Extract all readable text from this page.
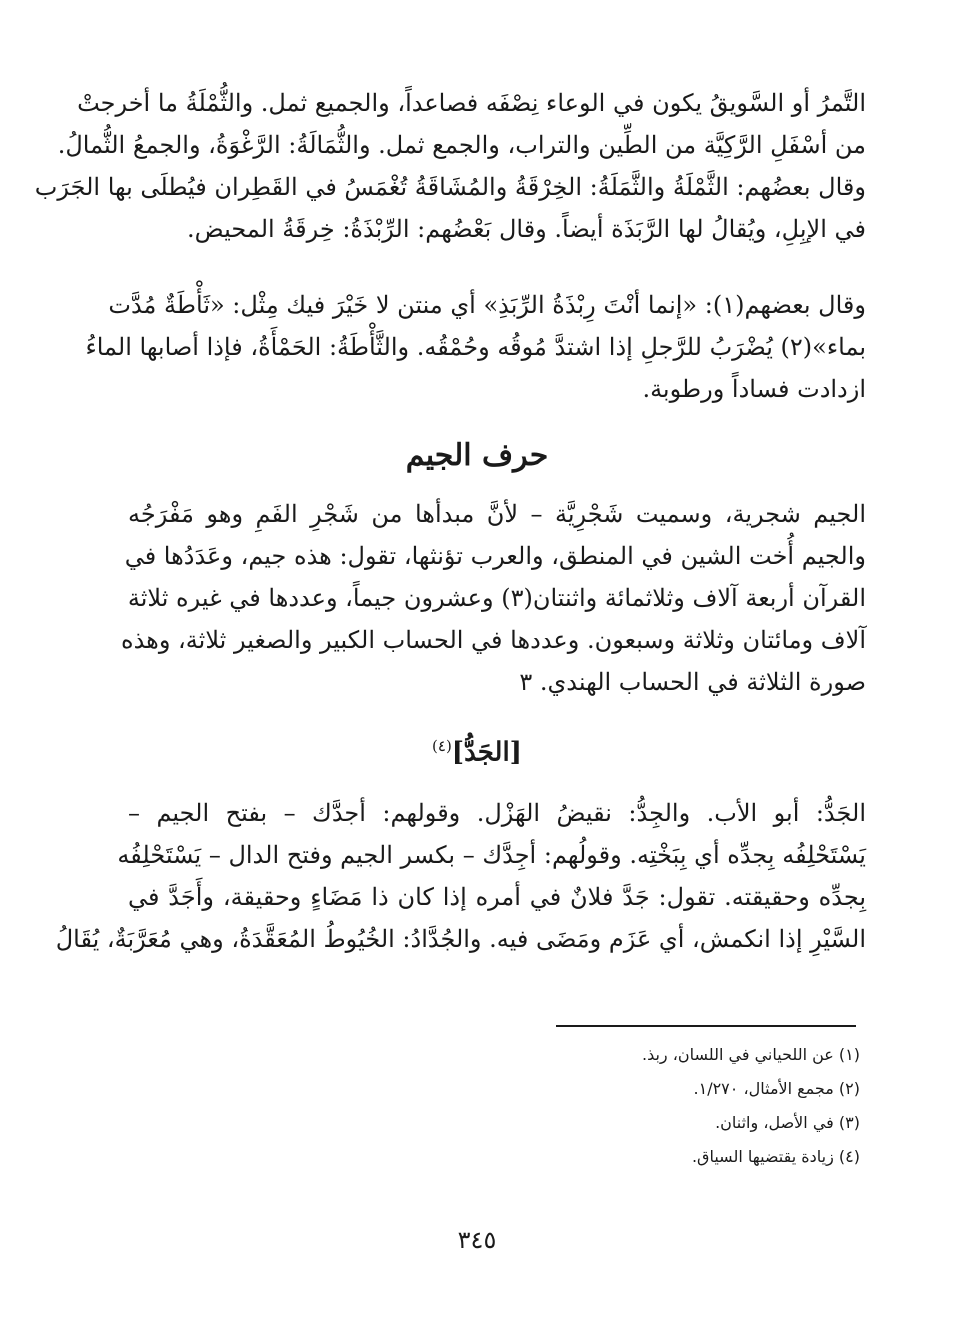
التَّمرُ أو السَّويقُ يكون في الوعاء نِصْفَه فصاعداً، والجميع ثمل. والثُّمْلَةُ ما أخرجتْ
من أسْفَلِ الرَّكِيَّة من الطِّين والتراب، والجمع ثمل. والثُّمَالَةُ: الرَّغْوَةُ، والجمعُ الثُّمالُ.
وقال بعضُهم: الثَّمْلَةُ والثَّمَلَةُ: الخِرْقَةُ والمُشَاقَةُ تُغْمَسُ في القَطِران فيُطلَى بها الجَرَب
في الإبِلِ، ويُقالُ لها الرَّبَذَة أيضاً. وقال بَعْضُهم: الرِّبْذَةُ: خِرقَةُ المحيض.
وقال بعضهم(١): «إنما أنْتَ رِبْذَةُ الرِّبَذِ» أي منتن لا خَيْرَ فيك مِثْل: «ثَأْطَةٌ مُدَّت
بماء»(٢) يُضْرَبُ للرَّجلِ إذا اشتدَّ مُوقُه وحُمْقُه. والثَّأْطَةُ: الحَمْأَةُ، فإذا أصابها الماءُ
ازدادت فساداً ورطوبة.
حرف الجيم
الجيم شجرية، وسميت شَجْرِيَّة – لأنَّ مبدأها من شَجْرِ الفَمِ وهو مَفْرَجُه
والجيم أُخت الشين في المنطق، والعرب تؤنثها، تقول: هذه جيم، وعَدَدُها في
القرآن أربعة آلاف وثلاثمائة واثنتان(٣) وعشرون جيماً، وعددها في غيره ثلاثة
آلاف ومائتان وثلاثة وسبعون. وعددها في الحساب الكبير والصغير ثلاثة، وهذه
صورة الثلاثة في الحساب الهندي. ٣
[الجَدُّ]$^{(٤)}$
الجَدُّ: أبو الأب. والجِدُّ: نقيضُ الهَزْل. وقولهم: أجدَّك – بفتح الجيم –
يَسْتَحْلِفُه بِجدِّه أي بِبَخْتِه. وقولُهم: أجِدَّك – بكسر الجيم وفتح الدال – يَسْتَحْلِفُه
بِجدِّه وحقيقته. تقول: جَدَّ فلانٌ في أمره إذا كان ذا مَضَاءٍ وحقيقة، وأَجَدَّ في
السَّيْرِ إذا انكمش، أي عَزَم ومَضَى فيه. والجُدَّادُ: الخُيُوطُ المُعَقَّدَةُ، وهي مُعَرَّبَةٌ، يُقَالُ
(١) عن اللحياني في اللسان، ربذ.
(٢) مجمع الأمثال، ١/٢٧٠.
(٣) في الأصل، واثنان.
(٤) زيادة يقتضيها السياق.
٣٤٥
